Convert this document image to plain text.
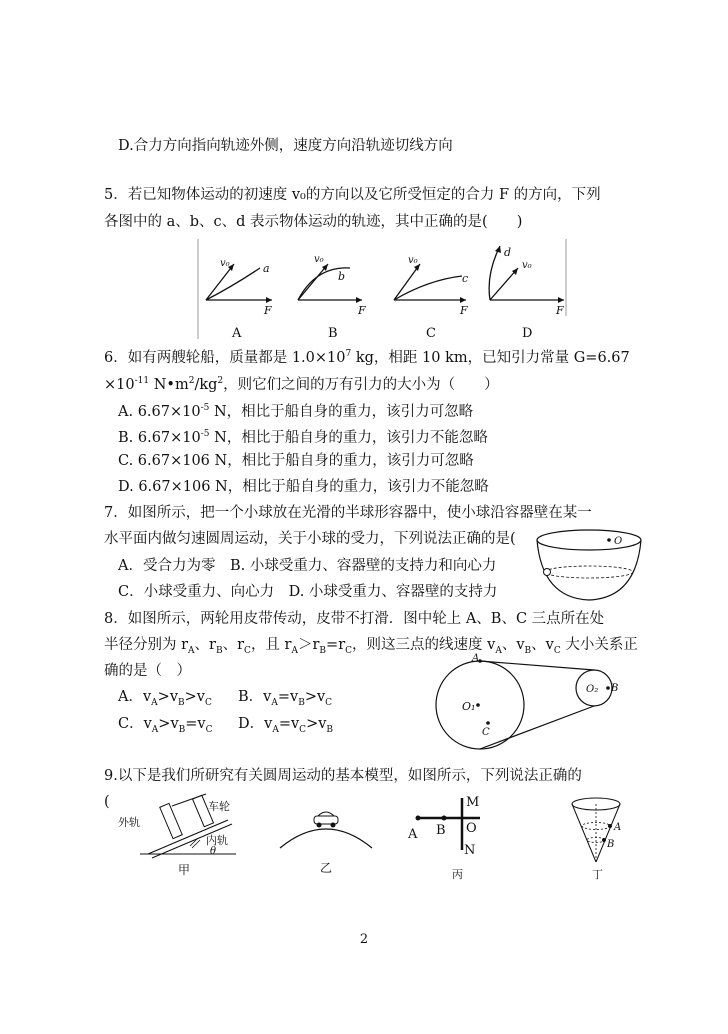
D.合力方向指向轨迹外侧，速度方向沿轨迹切线方向
5．若已知物体运动的初速度 v₀的方向以及它所受恒定的合力 F 的方向，下列
各图中的 a、b、c、d 表示物体运动的轨迹，其中正确的是(　　)
v₀	a
F
A
v₀
b
F
B
v₀
c
F
C
d
v₀
F
D
6．如有两艘轮船，质量都是 $1.0\times 10^7$ kg，相距 10 km，已知引力常量 G=6.67
$\times 10^{-11}$ $N•m^2/kg^2$，则它们之间的万有引力的大小为（　　）
A. $6.67\times 10^{-5}$ N，相比于船自身的重力，该引力可忽略
B. $6.67\times 10^{-5}$ N，相比于船自身的重力，该引力不能忽略
C. 6.67×106 N，相比于船自身的重力，该引力可忽略
D. 6.67×106 N，相比于船自身的重力，该引力不能忽略
7．如图所示，把一个小球放在光滑的半球形容器中，使小球沿容器壁在某一
水平面内做匀速圆周运动，关于小球的受力，下列说法正确的是(
A．受合力为零　B. 小球受重力、容器壁的支持力和向心力
C．小球受重力、向心力　D. 小球受重力、容器壁的支持力
O
8．如图所示，两轮用皮带传动，皮带不打滑．图中轮上 A、B、C 三点所在处
半径分别为 $r_A$、$r_B$、$r_C$，且 $r_A>r_B=r_C$，则这三点的线速度 $v_A$、$v_B$、$v_C$ 大小关系正
确的是（　）
A．$v_A>v_B>v_C$ B．$v_A=v_B>v_C$
C．$v_A>v_B=v_C$ D．$v_A=v_C>v_B$
A
O₁
C
O₂ B
9.以下是我们所研究有关圆周运动的基本模型，如图所示，下列说法正确的
(
外轨
车轮
内轨
θ
甲	乙
M
A B O
N
丙
A
B
丁
2
